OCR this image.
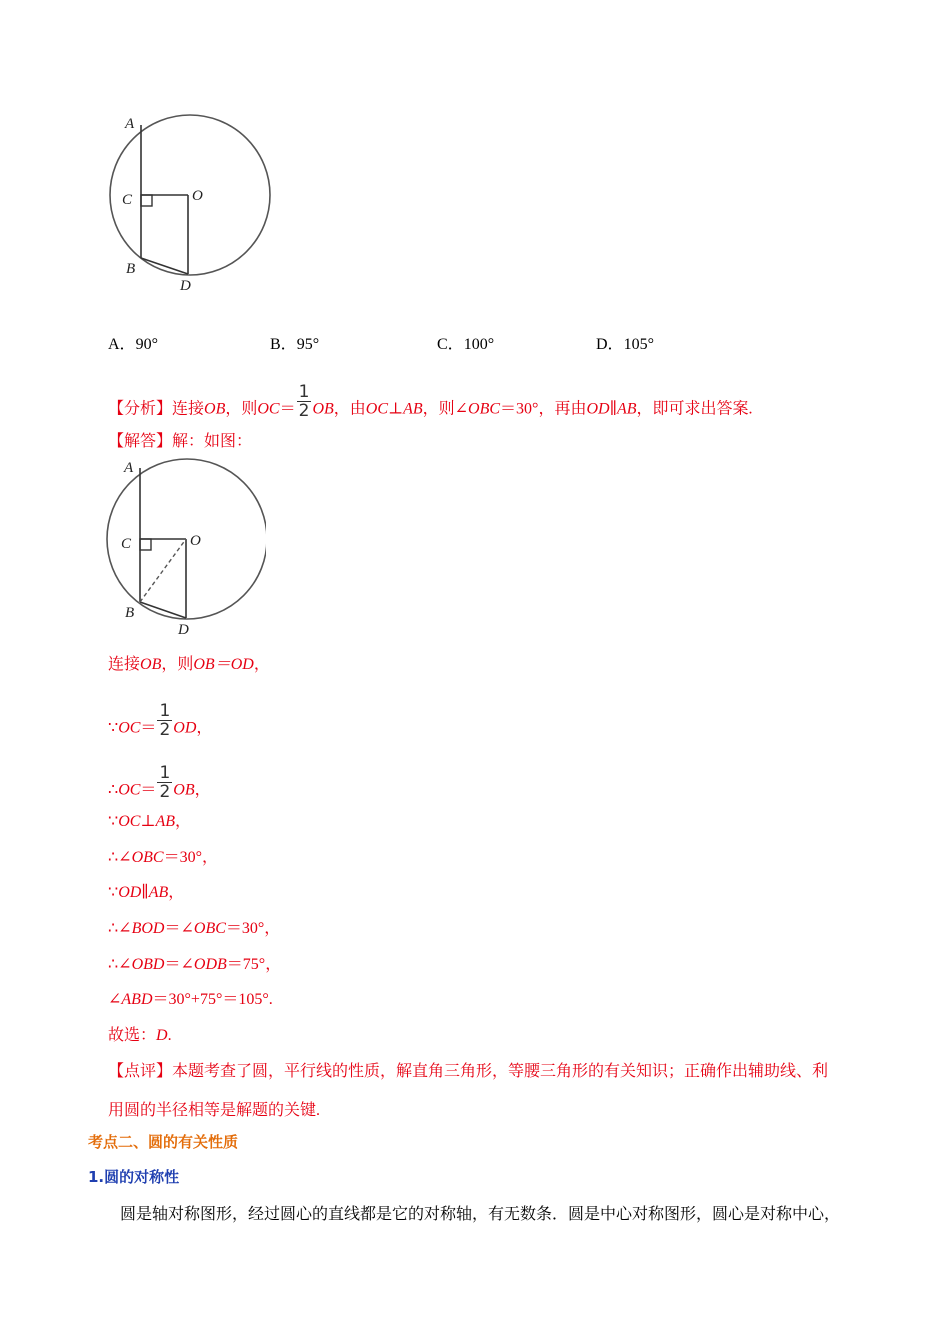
A
C	O
B
D
A．90°	B．95°	C．100°	D．105°
【分析】连接OB，则$OC= \frac{1}{2}$ OB，由OC⊥AB，则∠OBC＝30°，再由OD∥AB，即可求出答案.
【解答】解：如图：
A
C	O
B
D
连接OB，则OB＝OD，
∵OC＝ $\frac{1}{2}$ OD，
∴OC＝ $\frac{1}{2}$ OB，
∵OC⊥AB，
∴∠OBC＝30°，
∵OD∥AB，
∴∠BOD＝∠OBC＝30°，
∴∠OBD＝∠ODB＝75°，
∠ABD＝30°+75°＝105°.
故选：D.
【点评】本题考查了圆，平行线的性质，解直角三角形，等腰三角形的有关知识；正确作出辅助线、利
用圆的半径相等是解题的关键.
考点二、圆的有关性质
1.圆的对称性
圆是轴对称图形，经过圆心的直线都是它的对称轴，有无数条．圆是中心对称图形，圆心是对称中心，
